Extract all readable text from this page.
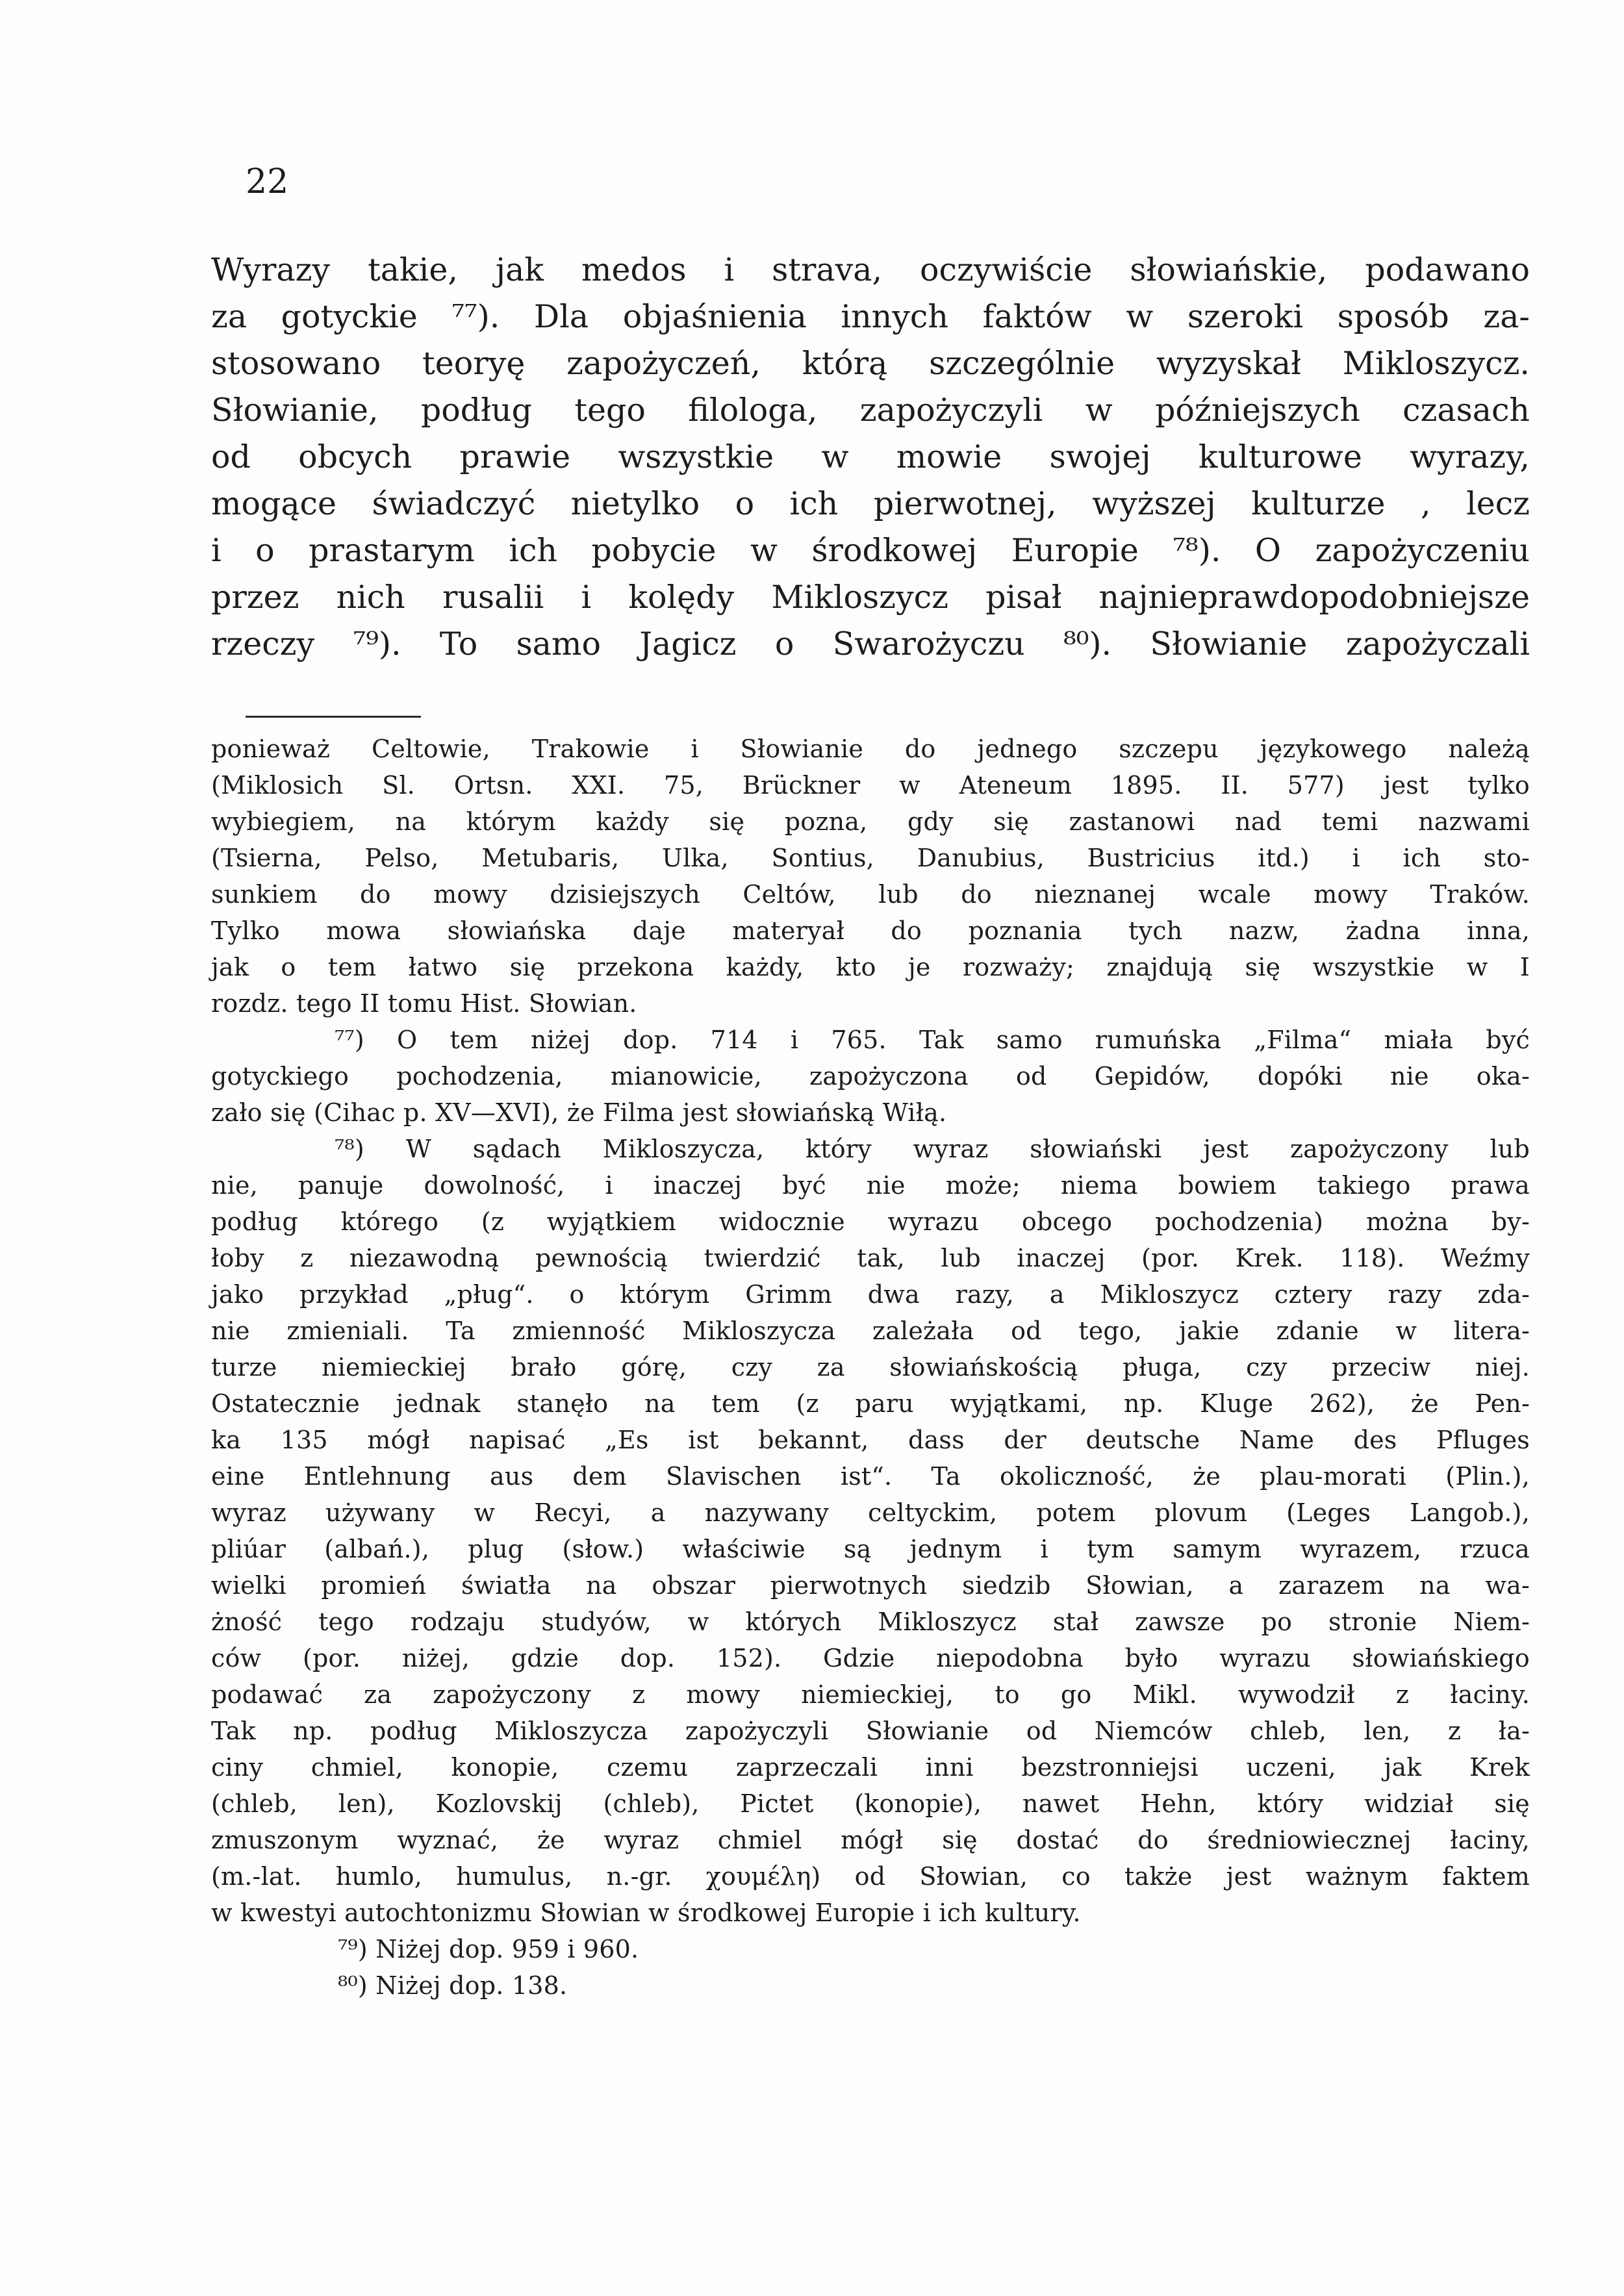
22
Wyrazy takie, jak medos i strava, oczywiście słowiańskie, podawano
za gotyckie ⁷⁷). Dla objaśnienia innych faktów w szeroki sposób za-
stosowano teoryę zapożyczeń, którą szczególnie wyzyskał Mikloszycz.
Słowianie, podług tego filologa, zapożyczyli w późniejszych czasach
od obcych prawie wszystkie w mowie swojej kulturowe wyrazy,
mogące świadczyć nietylko o ich pierwotnej, wyższej kulturze , lecz
i o prastarym ich pobycie w środkowej Europie ⁷⁸). O zapożyczeniu
przez nich rusalii i kolędy Mikloszycz pisał najnieprawdopodobniejsze
rzeczy ⁷⁹). To samo Jagicz o Swarożyczu ⁸⁰). Słowianie zapożyczali
ponieważ Celtowie, Trakowie i Słowianie do jednego szczepu językowego należą
(Miklosich Sl. Ortsn. XXI. 75, Brückner w Ateneum 1895. II. 577) jest tylko
wybiegiem, na którym każdy się pozna, gdy się zastanowi nad temi nazwami
(Tsierna, Pelso, Metubaris, Ulka, Sontius, Danubius, Bustricius itd.) i ich sto-
sunkiem do mowy dzisiejszych Celtów, lub do nieznanej wcale mowy Traków.
Tylko mowa słowiańska daje materyał do poznania tych nazw, żadna inna,
jak o tem łatwo się przekona każdy, kto je rozważy; znajdują się wszystkie w I
rozdz. tego II tomu Hist. Słowian.
⁷⁷) O tem niżej dop. 714 i 765. Tak samo rumuńska „Filma“ miała być
gotyckiego pochodzenia, mianowicie, zapożyczona od Gepidów, dopóki nie oka-
zało się (Cihac p. XV—XVI), że Filma jest słowiańską Wiłą.
⁷⁸) W sądach Mikloszycza, który wyraz słowiański jest zapożyczony lub
nie, panuje dowolność, i inaczej być nie może; niema bowiem takiego prawa
podług którego (z wyjątkiem widocznie wyrazu obcego pochodzenia) można by-
łoby z niezawodną pewnością twierdzić tak, lub inaczej (por. Krek. 118). Weźmy
jako przykład „pług“. o którym Grimm dwa razy, a Mikloszycz cztery razy zda-
nie zmieniali. Ta zmienność Mikloszycza zależała od tego, jakie zdanie w litera-
turze niemieckiej brało górę, czy za słowiańskością pługa, czy przeciw niej.
Ostatecznie jednak stanęło na tem (z paru wyjątkami, np. Kluge 262), że Pen-
ka 135 mógł napisać „Es ist bekannt, dass der deutsche Name des Pfluges
eine Entlehnung aus dem Slavischen ist“. Ta okoliczność, że plau-morati (Plin.),
wyraz używany w Recyi, a nazywany celtyckim, potem plovum (Leges Langob.),
pliúar (albań.), plug (słow.) właściwie są jednym i tym samym wyrazem, rzuca
wielki promień światła na obszar pierwotnych siedzib Słowian, a zarazem na wa-
żność tego rodzaju studyów, w których Mikloszycz stał zawsze po stronie Niem-
ców (por. niżej, gdzie dop. 152). Gdzie niepodobna było wyrazu słowiańskiego
podawać za zapożyczony z mowy niemieckiej, to go Mikl. wywodził z łaciny.
Tak np. podług Mikloszycza zapożyczyli Słowianie od Niemców chleb, len, z ła-
ciny chmiel, konopie, czemu zaprzeczali inni bezstronniejsi uczeni, jak Krek
(chleb, len), Kozlovskij (chleb), Pictet (konopie), nawet Hehn, który widział się
zmuszonym wyznać, że wyraz chmiel mógł się dostać do średniowiecznej łaciny,
(m.-lat. humlo, humulus, n.-gr. χουμέλη) od Słowian, co także jest ważnym faktem
w kwestyi autochtonizmu Słowian w środkowej Europie i ich kultury.
⁷⁹) Niżej dop. 959 i 960.
⁸⁰) Niżej dop. 138.
